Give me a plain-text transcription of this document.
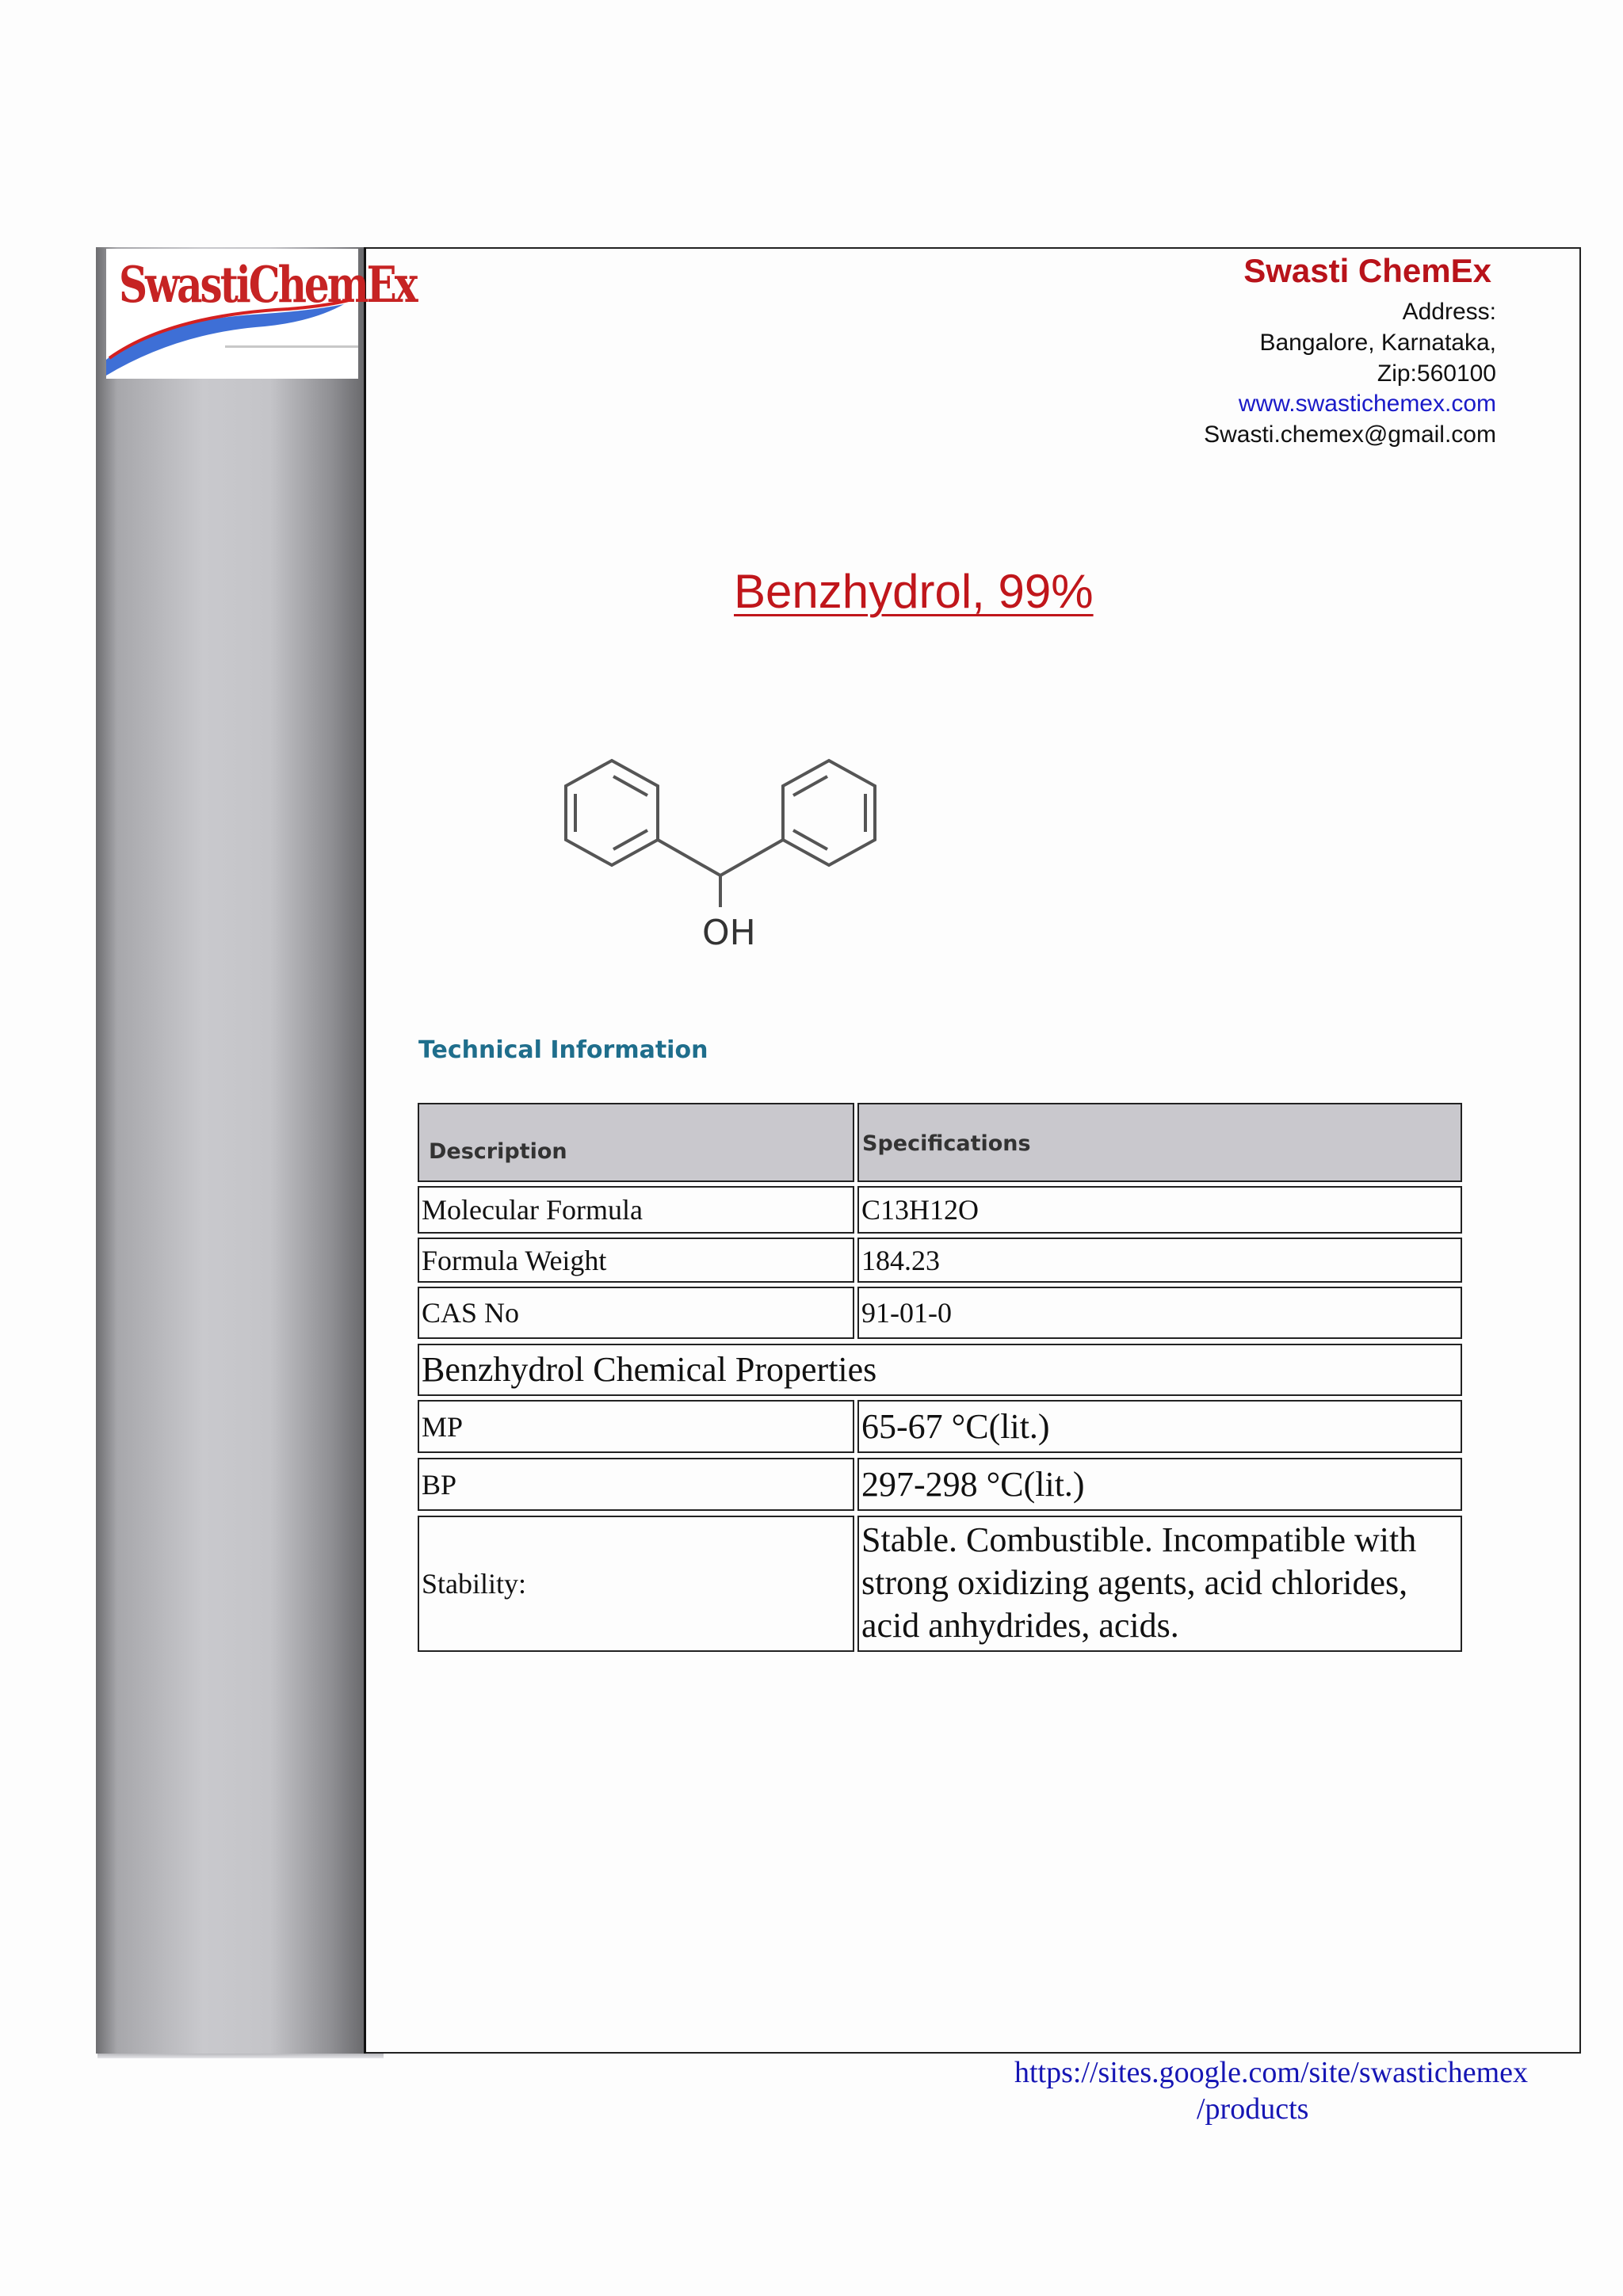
SwastiChemEx	Swasti ChemEx
Address:
Bangalore, Karnataka,
Zip:560100
www.swastichemex.com
Swasti.chemex@gmail.com
Benzhydrol, 99%
OH
Technical Information
Description	Specifications
Molecular Formula	C13H12O
Formula Weight	184.23
CAS No	91-01-0
Benzhydrol Chemical Properties
MP	65-67 °C(lit.)
BP	297-298 °C(lit.)
Stability:
Stable. Combustible. Incompatible with strong oxidizing agents, acid chlorides, acid anhydrides, acids.
https://sites.google.com/site/swastichemex
/products
